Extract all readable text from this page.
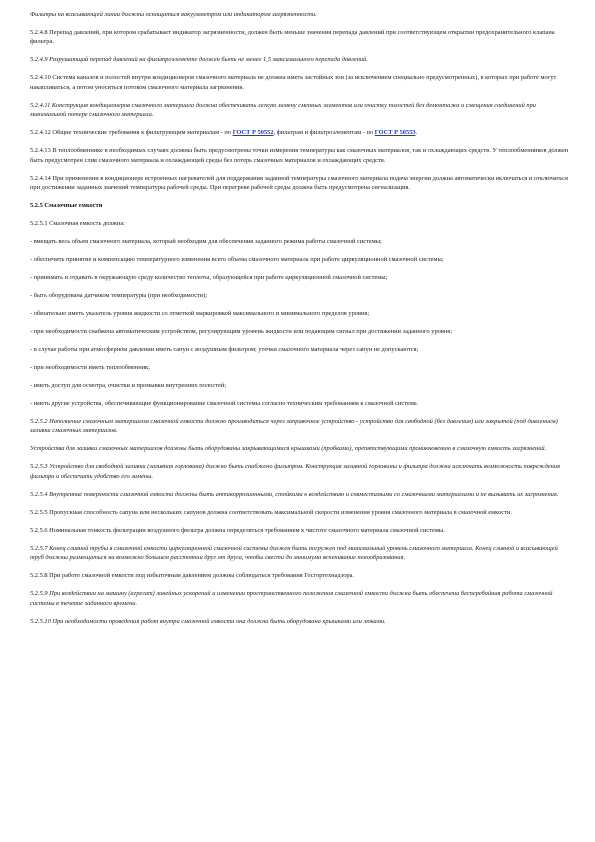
Фильтры на всасывающей линии должны оснащаться вакуумметром или индикатором загрязненности.

5.2.4.8 Перепад давлений, при котором срабатывает индикатор загрязненности, должен быть меньше значения перепада давлений при соответствующем открытии предохранительного клапана фильтра.

5.2.4.9 Разрушающий перепад давлений на фильтроэлементе должен быть не менее 1,5 максимального перепада давлений.

5.2.4.10 Система каналов и полостей внутри кондиционеров смазочного материала не должна иметь застойных зон (за исключением специально предусмотренных), в которых при работе могут накапливаться, а потом уноситься потоком смазочного материала загрязнения.

5.2.4.11 Конструкция кондиционеров смазочного материала должна обеспечивать легкую замену сменных элементов или очистку полостей без демонтажа и смещения соединений при минимальной потере смазочного материала.

5.2.4.12 Общие технические требования к фильтрующим материалам - по ГОСТ Р 50552, фильтрам и фильтроэлементам - по ГОСТ Р 50553.

5.2.4.13 В теплообменнике в необходимых случаях должны быть предусмотрены точки измерения температуры как смазочных материалов, так и охлаждающих средств. У теплообменников должен быть предусмотрен слив смазочного материала и охлаждающей среды без потерь смазочных материалов и охлаждающих средств.

5.2.4.14 При применении в кондиционере встроенных нагревателей для поддержания заданной температуры смазочного материала подача энергии должна автоматически включаться и отключаться при достижении заданных значений температуры рабочей среды. При перегреве рабочей среды должна быть предусмотрена сигнализация.

5.2.5 Смазочные емкости

5.2.5.1 Смазочная емкость должна:

- вмещать весь объем смазочного материала, который необходим для обеспечения заданного режима работы смазочной системы;

- обеспечить принятие и компенсацию температурного изменения всего объема смазочного материала при работе циркуляционной смазочной системы;

- принимать и отдавать в окружающую среду количество теплоты, образующейся при работе циркуляционной смазочной системы;

- быть оборудована датчиком температуры (при необходимости);

- обязательно иметь указатель уровня жидкости со отметкой маркировкой максимального и минимального пределов уровня;

- при необходимости снабжена автоматическим устройством, регулирующим уровень жидкости или подающим сигнал при достижении заданного уровня;

- в случае работы при атмосферном давлении иметь сапун с воздушным фильтром; утечки смазочного материала через сапун не допускаются;

- при необходимости иметь теплообменник;

- иметь доступ для осмотра, очистки и промывки внутренних полостей;

- иметь другие устройства, обеспечивающие функционирование смазочной системы согласно техническим требованиям к смазочной системе.

5.2.5.2 Наполнение смазочным материалом смазочной емкости должно производиться через заправочное устройство - устройство для свободной (без давления) или закрытой (под давлением) заливки смазочных материалов.

Устройства для заливки смазочных материалов должны быть оборудованы закрывающимися крышками (пробками), препятствующими проникновению в смазочную емкость загрязнений.

5.2.5.3 Устройство для свободной заливки (заливная горловина) должно быть снабжено фильтром. Конструкция заливной горловины и фильтра должна исключать возможность повреждения фильтра и обеспечить удобство его замены.

5.2.5.4 Внутренние поверхности смазочной емкости должны быть антикоррозионными, стойкими к воздействию и совместимыми со смазочными материалами и не вызывать их загрязнения.

5.2.5.5 Пропускная способность сапуна или нескольких сапунов должна соответствовать максимальной скорости изменения уровня смазочного материала в смазочной емкости.

5.2.5.6 Номинальная тонкость фильтрации воздушного фильтра должна определяться требованием к чистоте смазочного материала смазочной системы.

5.2.5.7 Конец сливной трубы в смазочной емкости циркуляционной смазочной системы должен быть погружен под минимальный уровень смазочного материала. Конец сливной и всасывающей труб должны размещаться на возможно большем расстоянии друг от друга, чтобы свести до минимума вспенивание пенообразования.

5.2.5.8 При работе смазочной емкости под избыточным давлением должны соблюдаться требования Госгортехнадзора.

5.2.5.9 При воздействии на машину (агрегат) линейных ускорений и изменении пространственного положения смазочной емкости должна быть обеспечена бесперебойная работа смазочной системы в течение заданного времени.

5.2.5.10 При необходимости проведения работ внутри смазочной емкости она должна быть оборудована крышками или люками.
